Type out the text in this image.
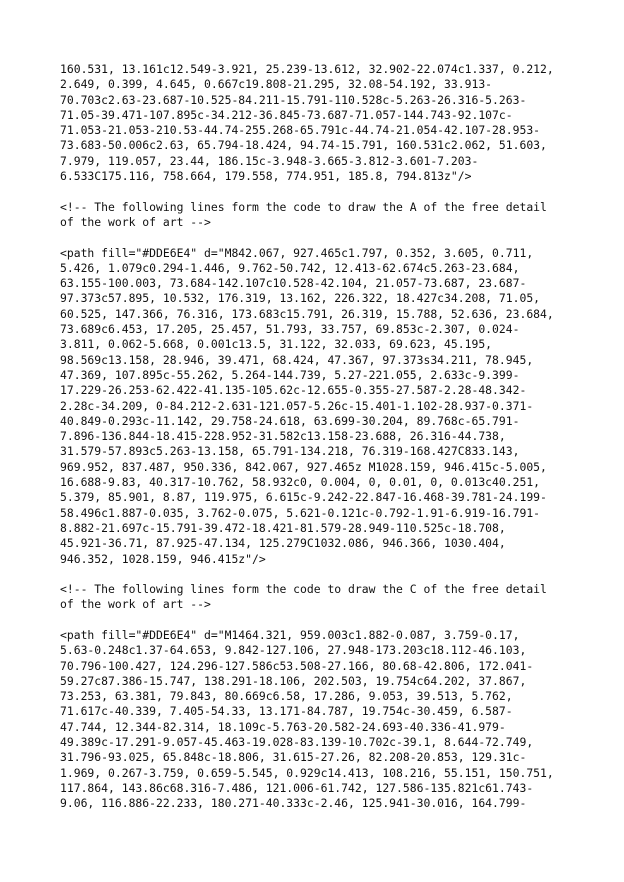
160.531, 13.161c12.549-3.921, 25.239-13.612, 32.902-22.074c1.337, 0.212,
2.649, 0.399, 4.645, 0.667c19.808-21.295, 32.08-54.192, 33.913-
70.703c2.63-23.687-10.525-84.211-15.791-110.528c-5.263-26.316-5.263-
71.05-39.471-107.895c-34.212-36.845-73.687-71.057-144.743-92.107c-
71.053-21.053-210.53-44.74-255.268-65.791c-44.74-21.054-42.107-28.953-
73.683-50.006c2.63, 65.794-18.424, 94.74-15.791, 160.531c2.062, 51.603,
7.979, 119.057, 23.44, 186.15c-3.948-3.665-3.812-3.601-7.203-
6.533C175.116, 758.664, 179.558, 774.951, 185.8, 794.813z"/>
<!-- The following lines form the code to draw the A of the free detail
of the work of art -->
<path fill="#DDE6E4" d="M842.067, 927.465c1.797, 0.352, 3.605, 0.711,
5.426, 1.079c0.294-1.446, 9.762-50.742, 12.413-62.674c5.263-23.684,
63.155-100.003, 73.684-142.107c10.528-42.104, 21.057-73.687, 23.687-
97.373c57.895, 10.532, 176.319, 13.162, 226.322, 18.427c34.208, 71.05,
60.525, 147.366, 76.316, 173.683c15.791, 26.319, 15.788, 52.636, 23.684,
73.689c6.453, 17.205, 25.457, 51.793, 33.757, 69.853c-2.307, 0.024-
3.811, 0.062-5.668, 0.001c13.5, 31.122, 32.033, 69.623, 45.195,
98.569c13.158, 28.946, 39.471, 68.424, 47.367, 97.373s34.211, 78.945,
47.369, 107.895c-55.262, 5.264-144.739, 5.27-221.055, 2.633c-9.399-
17.229-26.253-62.422-41.135-105.62c-12.655-0.355-27.587-2.28-48.342-
2.28c-34.209, 0-84.212-2.631-121.057-5.26c-15.401-1.102-28.937-0.371-
40.849-0.293c-11.142, 29.758-24.618, 63.699-30.204, 89.768c-65.791-
7.896-136.844-18.415-228.952-31.582c13.158-23.688, 26.316-44.738,
31.579-57.893c5.263-13.158, 65.791-134.218, 76.319-168.427C833.143,
969.952, 837.487, 950.336, 842.067, 927.465z M1028.159, 946.415c-5.005,
16.688-9.83, 40.317-10.762, 58.932c0, 0.004, 0, 0.01, 0, 0.013c40.251,
5.379, 85.901, 8.87, 119.975, 6.615c-9.242-22.847-16.468-39.781-24.199-
58.496c1.887-0.035, 3.762-0.075, 5.621-0.121c-0.792-1.91-6.919-16.791-
8.882-21.697c-15.791-39.472-18.421-81.579-28.949-110.525c-18.708,
45.921-36.71, 87.925-47.134, 125.279C1032.086, 946.366, 1030.404,
946.352, 1028.159, 946.415z"/>
<!-- The following lines form the code to draw the C of the free detail
of the work of art -->
<path fill="#DDE6E4" d="M1464.321, 959.003c1.882-0.087, 3.759-0.17,
5.63-0.248c1.37-64.653, 9.842-127.106, 27.948-173.203c18.112-46.103,
70.796-100.427, 124.296-127.586c53.508-27.166, 80.68-42.806, 172.041-
59.27c87.386-15.747, 138.291-18.106, 202.503, 19.754c64.202, 37.867,
73.253, 63.381, 79.843, 80.669c6.58, 17.286, 9.053, 39.513, 5.762,
71.617c-40.339, 7.405-54.33, 13.171-84.787, 19.754c-30.459, 6.587-
47.744, 12.344-82.314, 18.109c-5.763-20.582-24.693-40.336-41.979-
49.389c-17.291-9.057-45.463-19.028-83.139-10.702c-39.1, 8.644-72.749,
31.796-93.025, 65.848c-18.806, 31.615-27.26, 82.208-20.853, 129.31c-
1.969, 0.267-3.759, 0.659-5.545, 0.929c14.413, 108.216, 55.151, 150.751,
117.864, 143.86c68.316-7.486, 121.006-61.742, 127.586-135.821c61.743-
9.06, 116.886-22.233, 180.271-40.333c-2.46, 125.941-30.016, 164.799-
